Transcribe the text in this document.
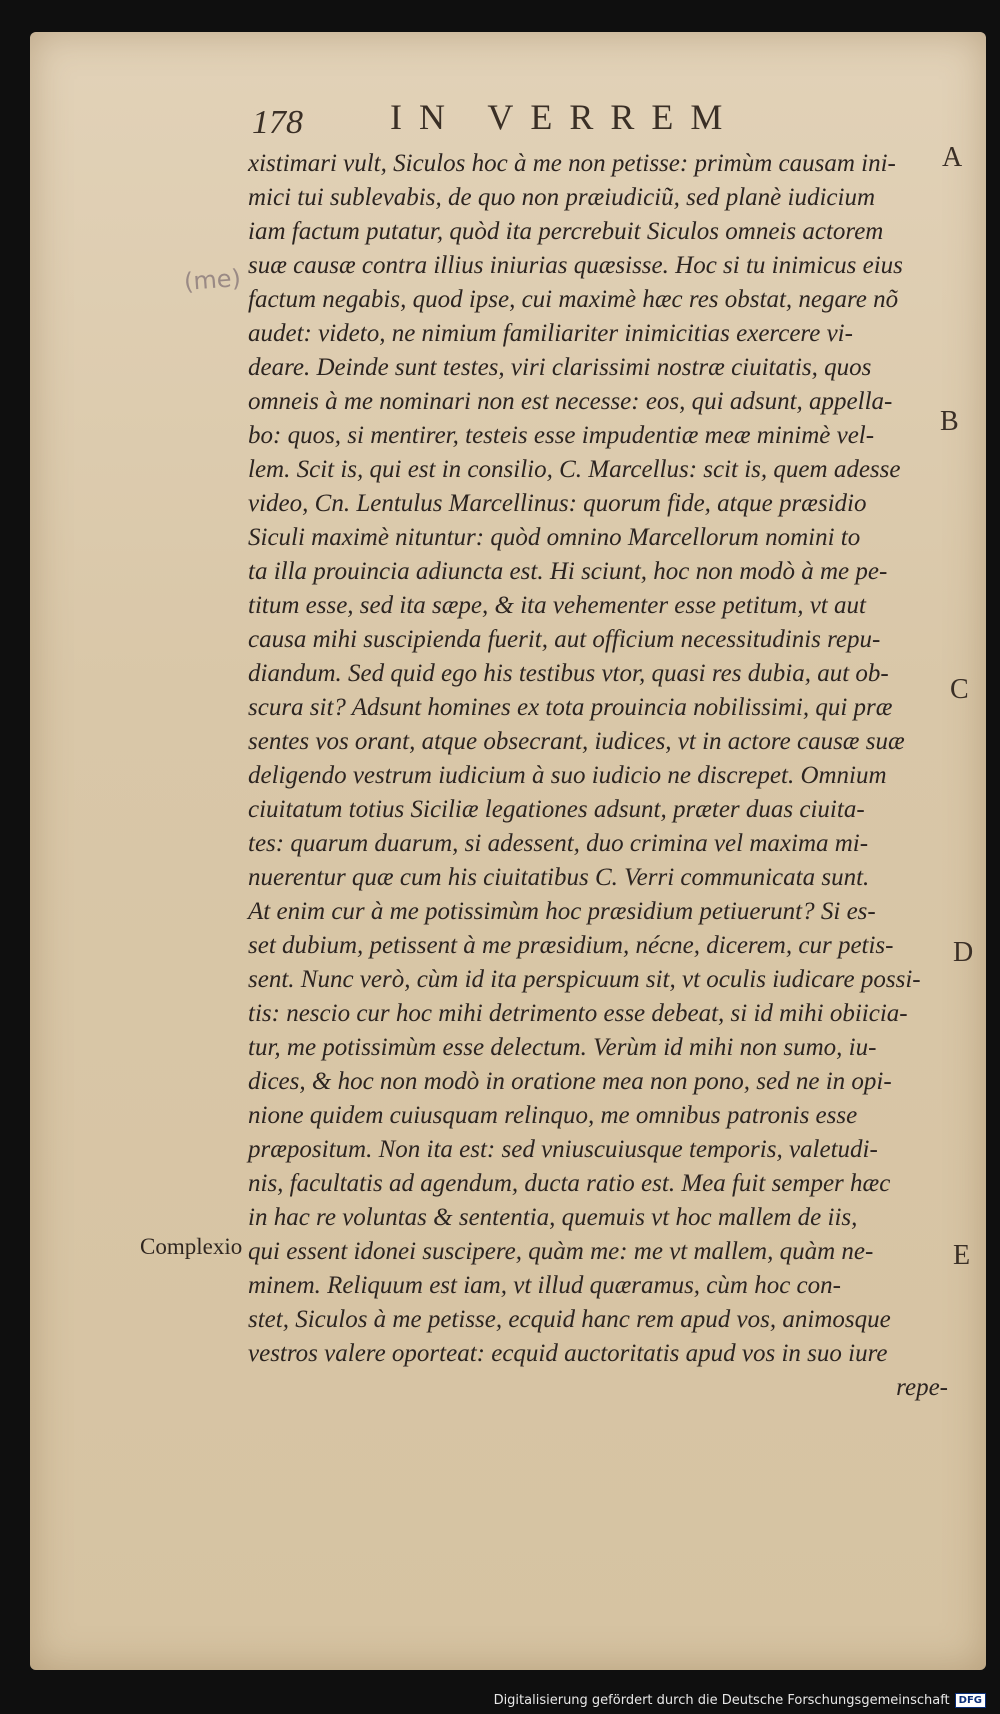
(me)
178 IN VERREM
xistimari vult, Siculos hoc à me non petisse: primùm causam ini-
mici tui sublevabis, de quo non præiudiciũ, sed planè iudicium
iam factum putatur, quòd ita percrebuit Siculos omneis actorem
suæ causæ contra illius iniurias quæsisse. Hoc si tu inimicus eius
factum negabis, quod ipse, cui maximè hæc res obstat, negare nõ
audet: videto, ne nimium familiariter inimicitias exercere vi-
deare. Deinde sunt testes, viri clarissimi nostræ ciuitatis, quos
omneis à me nominari non est necesse: eos, qui adsunt, appella-
bo: quos, si mentirer, testeis esse impudentiæ meæ minimè vel-
lem. Scit is, qui est in consilio, C. Marcellus: scit is, quem adesse
video, Cn. Lentulus Marcellinus: quorum fide, atque præsidio
Siculi maximè nituntur: quòd omnino Marcellorum nomini to
ta illa prouincia adiuncta est. Hi sciunt, hoc non modò à me pe-
titum esse, sed ita sæpe, & ita vehementer esse petitum, vt aut
causa mihi suscipienda fuerit, aut officium necessitudinis repu-
diandum. Sed quid ego his testibus vtor, quasi res dubia, aut ob-
scura sit? Adsunt homines ex tota prouincia nobilissimi, qui præ
sentes vos orant, atque obsecrant, iudices, vt in actore causæ suæ
deligendo vestrum iudicium à suo iudicio ne discrepet. Omnium
ciuitatum totius Siciliæ legationes adsunt, præter duas ciuita-
tes: quarum duarum, si adessent, duo crimina vel maxima mi-
nuerentur quæ cum his ciuitatibus C. Verri communicata sunt.
At enim cur à me potissimùm hoc præsidium petiuerunt? Si es-
set dubium, petissent à me præsidium, nécne, dicerem, cur petis-
sent. Nunc verò, cùm id ita perspicuum sit, vt oculis iudicare possi-
tis: nescio cur hoc mihi detrimento esse debeat, si id mihi obiicia-
tur, me potissimùm esse delectum. Verùm id mihi non sumo, iu-
dices, & hoc non modò in oratione mea non pono, sed ne in opi-
nione quidem cuiusquam relinquo, me omnibus patronis esse
præpositum. Non ita est: sed vniuscuiusque temporis, valetudi-
nis, facultatis ad agendum, ducta ratio est. Mea fuit semper hæc
in hac re voluntas & sententia, quemuis vt hoc mallem de iis,
qui essent idonei suscipere, quàm me: me vt mallem, quàm ne-
minem. Reliquum est iam, vt illud quæramus, cùm hoc con-
stet, Siculos à me petisse, ecquid hanc rem apud vos, animosque
vestros valere oporteat: ecquid auctoritatis apud vos in suo iure
repe-
A
B
C
D
E
Complexio
Digitalisierung gefördert durch die Deutsche Forschungsgemeinschaft DFG
